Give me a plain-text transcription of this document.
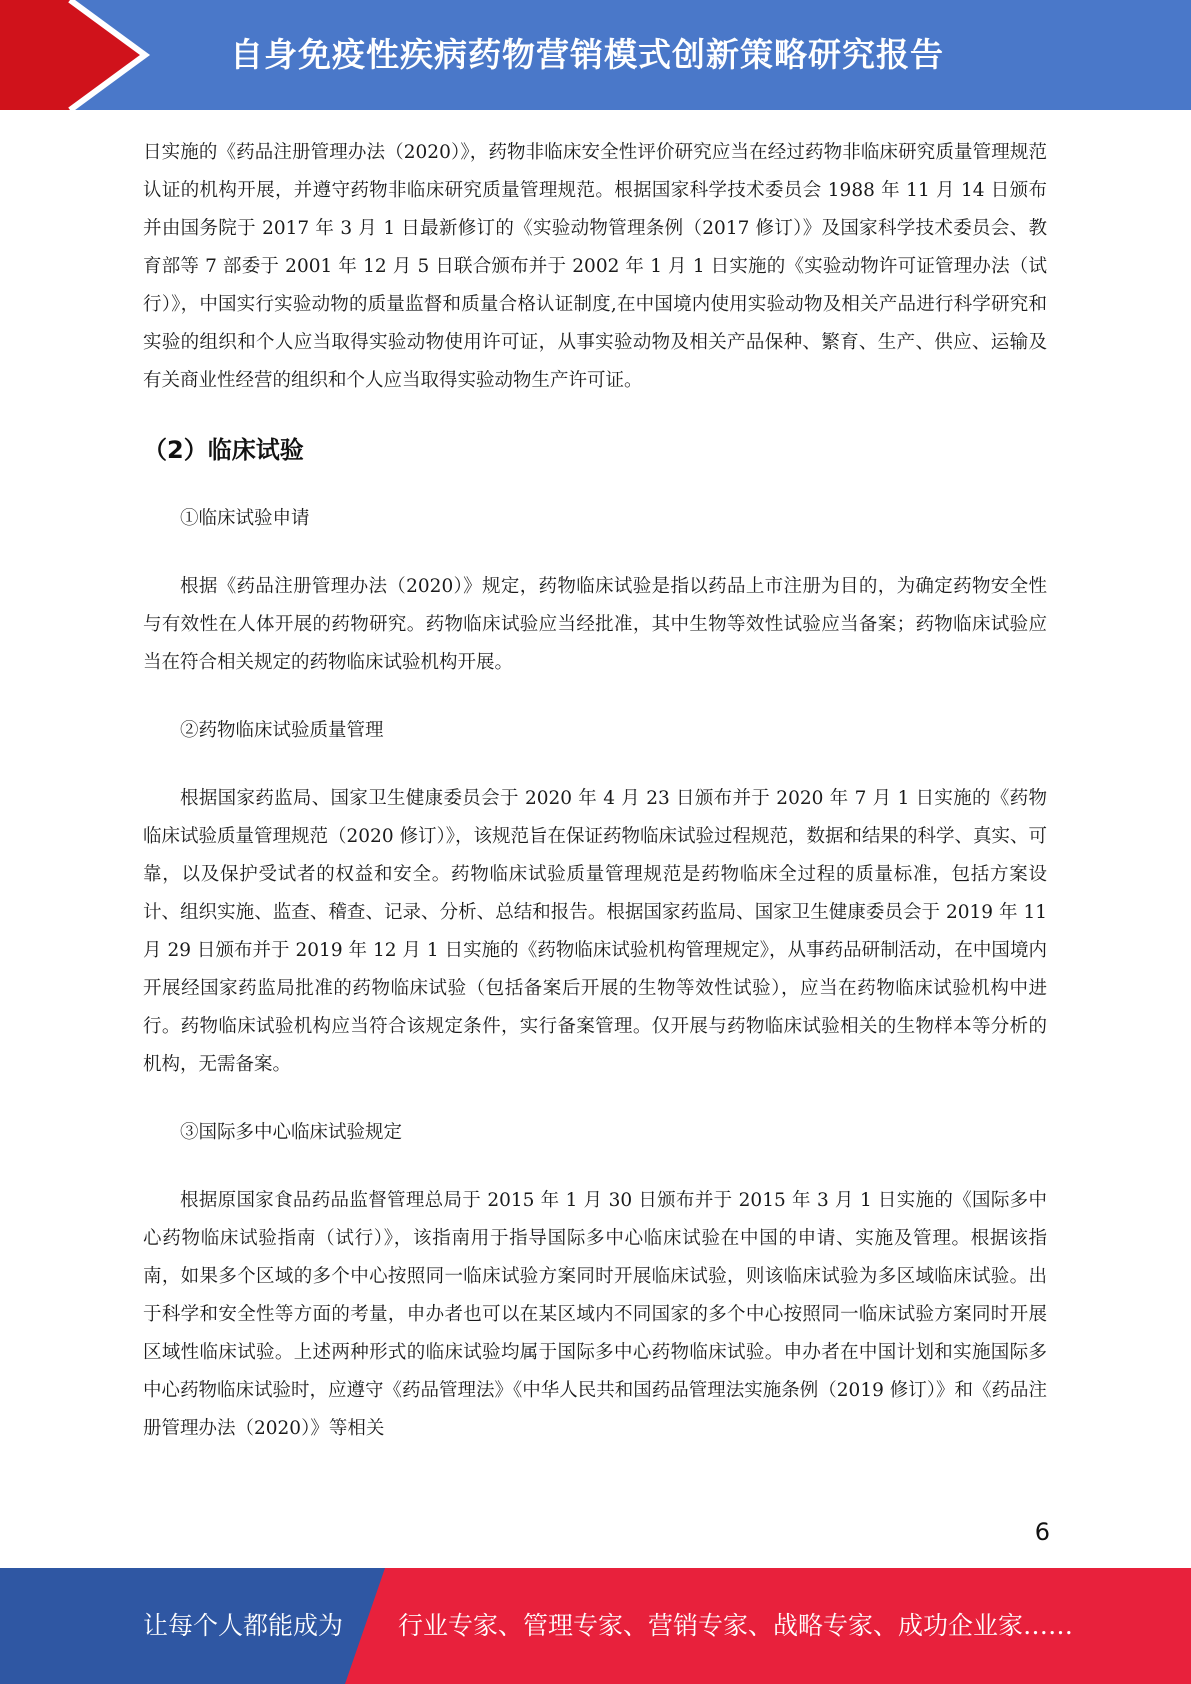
自身免疫性疾病药物营销模式创新策略研究报告

日实施的《药品注册管理办法（2020）》，药物非临床安全性评价研究应当在经过药物非临床研究质量管理规范认证的机构开展，并遵守药物非临床研究质量管理规范。根据国家科学技术委员会 1988 年 11 月 14 日颁布并由国务院于 2017 年 3 月 1 日最新修订的《实验动物管理条例（2017 修订）》及国家科学技术委员会、教育部等 7 部委于 2001 年 12 月 5 日联合颁布并于 2002 年 1 月 1 日实施的《实验动物许可证管理办法（试行）》，中国实行实验动物的质量监督和质量合格认证制度,在中国境内使用实验动物及相关产品进行科学研究和实验的组织和个人应当取得实验动物使用许可证，从事实验动物及相关产品保种、繁育、生产、供应、运输及有关商业性经营的组织和个人应当取得实验动物生产许可证。

（2）临床试验

①临床试验申请

根据《药品注册管理办法（2020）》规定，药物临床试验是指以药品上市注册为目的，为确定药物安全性与有效性在人体开展的药物研究。药物临床试验应当经批准，其中生物等效性试验应当备案；药物临床试验应当在符合相关规定的药物临床试验机构开展。

②药物临床试验质量管理

根据国家药监局、国家卫生健康委员会于 2020 年 4 月 23 日颁布并于 2020 年 7 月 1 日实施的《药物临床试验质量管理规范（2020 修订）》，该规范旨在保证药物临床试验过程规范，数据和结果的科学、真实、可靠，以及保护受试者的权益和安全。药物临床试验质量管理规范是药物临床全过程的质量标准，包括方案设计、组织实施、监查、稽查、记录、分析、总结和报告。根据国家药监局、国家卫生健康委员会于 2019 年 11 月 29 日颁布并于 2019 年 12 月 1 日实施的《药物临床试验机构管理规定》，从事药品研制活动，在中国境内开展经国家药监局批准的药物临床试验（包括备案后开展的生物等效性试验），应当在药物临床试验机构中进行。药物临床试验机构应当符合该规定条件，实行备案管理。仅开展与药物临床试验相关的生物样本等分析的机构，无需备案。

③国际多中心临床试验规定

根据原国家食品药品监督管理总局于 2015 年 1 月 30 日颁布并于 2015 年 3 月 1 日实施的《国际多中心药物临床试验指南（试行）》，该指南用于指导国际多中心临床试验在中国的申请、实施及管理。根据该指南，如果多个区域的多个中心按照同一临床试验方案同时开展临床试验，则该临床试验为多区域临床试验。出于科学和安全性等方面的考量，申办者也可以在某区域内不同国家的多个中心按照同一临床试验方案同时开展区域性临床试验。上述两种形式的临床试验均属于国际多中心药物临床试验。申办者在中国计划和实施国际多中心药物临床试验时，应遵守《药品管理法》《中华人民共和国药品管理法实施条例（2019 修订）》和《药品注册管理办法（2020）》等相关

6
让每个人都能成为 行业专家、管理专家、营销专家、战略专家、成功企业家……
